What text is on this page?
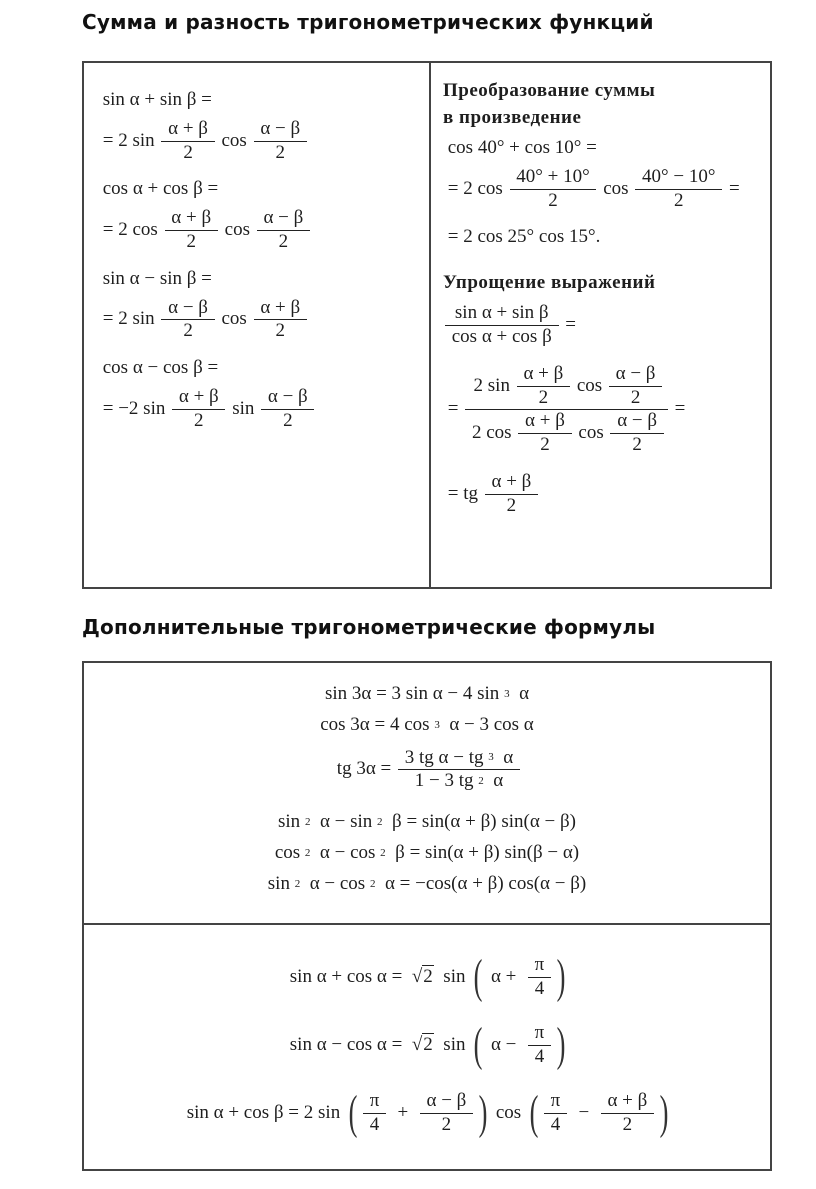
Сумма и разность тригонометрических функций
sin α + sin β =
= 2 $\sin \frac{\alpha + \beta}{2}$ $\cos \frac{\alpha - \beta}{2}$
cos α + cos β =
= 2 $\cos \frac{\alpha + \beta}{2}$ $\cos \frac{\alpha - \beta}{2}$
sin α − sin β =
= 2 $\sin \frac{\alpha - \beta}{2}$ $\cos \frac{\alpha + \beta}{2}$
cos α − cos β =
= −2 $\sin \frac{\alpha + \beta}{2}$ $\sin \frac{\alpha - \beta}{2}$
Преобразование суммы
в произведение
cos 40° + cos 10° =
= 2 $\cos \frac{40^\circ + 10^\circ}{2}$ $\cos \frac{40^\circ - 10^\circ}{2}$ =
= 2 cos 25° cos 15°.
Упрощение выражений
$\frac{\text{sin α + sin β}}{\text{cos α + cos β}}$ =
= $\frac{2 \sin \frac{\alpha + \beta}{2} \cos \frac{\alpha - \beta}{2}}{2 \cos \frac{\alpha + \beta}{2} \cos \frac{\alpha - \beta}{2}}$ =
= tg $\frac{\alpha + \beta}{2}$
Дополнительные тригонометрические формулы
sin 3α = 3 sin α − 4 sin 3 α
cos 3α = 4 cos 3 α − 3 cos α
tg $3\alpha = \frac{\text{3 tg α − tg 3 α}}{1 - 3 tg 2 \alpha}$
sin 2 α − sin 2 β = sin(α + β) sin(α − β)
cos 2 α − cos 2 β = sin(α + β) sin(β − α)
sin 2 α − cos 2 α = −cos(α + β) cos(α − β)
sin α + cos α = √ 2 sin ( $\alpha + \frac{\pi}{4}$ )
sin α − cos α = √ 2 sin ( $\alpha - \frac{\pi}{4}$ )
sin α + cos β = 2 sin ( $\frac{\pi}{4} + \frac{\alpha - \beta}{2}$ ) cos ( $\frac{\pi}{4} - \frac{\alpha + \beta}{2}$ )
